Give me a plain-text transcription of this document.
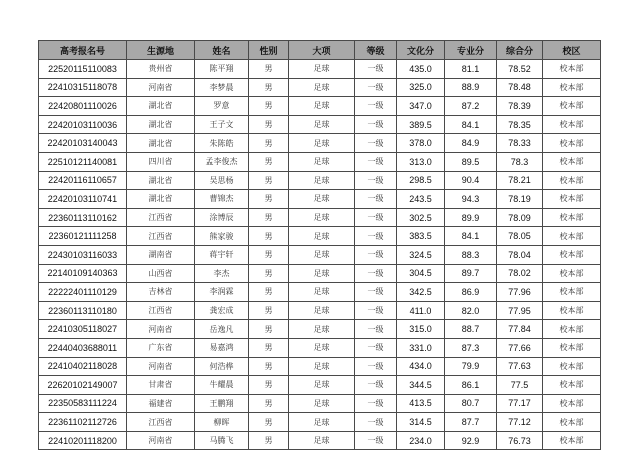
高考报名号	生源地	姓名	性别	大项	等级	文化分	专业分	综合分	校区
22520115110083	贵州省	陈平翔	男	足球	一级	435.0	81.1	78.52	校本部
22410315118078	河南省	李梦晨	男	足球	一级	325.0	88.9	78.48	校本部
22420801110026	湖北省	罗意	男	足球	一级	347.0	87.2	78.39	校本部
22420103110036	湖北省	王子文	男	足球	一级	389.5	84.1	78.35	校本部
22420103140043	湖北省	朱陈皓	男	足球	一级	378.0	84.9	78.33	校本部
22510121140081	四川省	孟李俊杰	男	足球	一级	313.0	89.5	78.3	校本部
22420116110657	湖北省	吴思杨	男	足球	一级	298.5	90.4	78.21	校本部
22420103110741	湖北省	曹锦杰	男	足球	一级	243.5	94.3	78.19	校本部
22360113110162	江西省	涂博辰	男	足球	一级	302.5	89.9	78.09	校本部
22360121111258	江西省	熊家骏	男	足球	一级	383.5	84.1	78.05	校本部
22430103116033	湖南省	蒋宇轩	男	足球	一级	324.5	88.3	78.04	校本部
22140109140363	山西省	李杰	男	足球	一级	304.5	89.7	78.02	校本部
22222401110129	吉林省	李润霖	男	足球	一级	342.5	86.9	77.96	校本部
22360113110180	江西省	龚宏成	男	足球	一级	411.0	82.0	77.95	校本部
22410305118027	河南省	岳逸凡	男	足球	一级	315.0	88.7	77.84	校本部
22440403688011	广东省	易嘉鸿	男	足球	一级	331.0	87.3	77.66	校本部
22410402118028	河南省	何浩桦	男	足球	一级	434.0	79.9	77.63	校本部
22620102149007	甘肃省	牛耀晨	男	足球	一级	344.5	86.1	77.5	校本部
22350583111224	福建省	王鹏翔	男	足球	一级	413.5	80.7	77.17	校本部
22361102112726	江西省	柳晖	男	足球	一级	314.5	87.7	77.12	校本部
22410201118200	河南省	马腾飞	男	足球	一级	234.0	92.9	76.73	校本部
